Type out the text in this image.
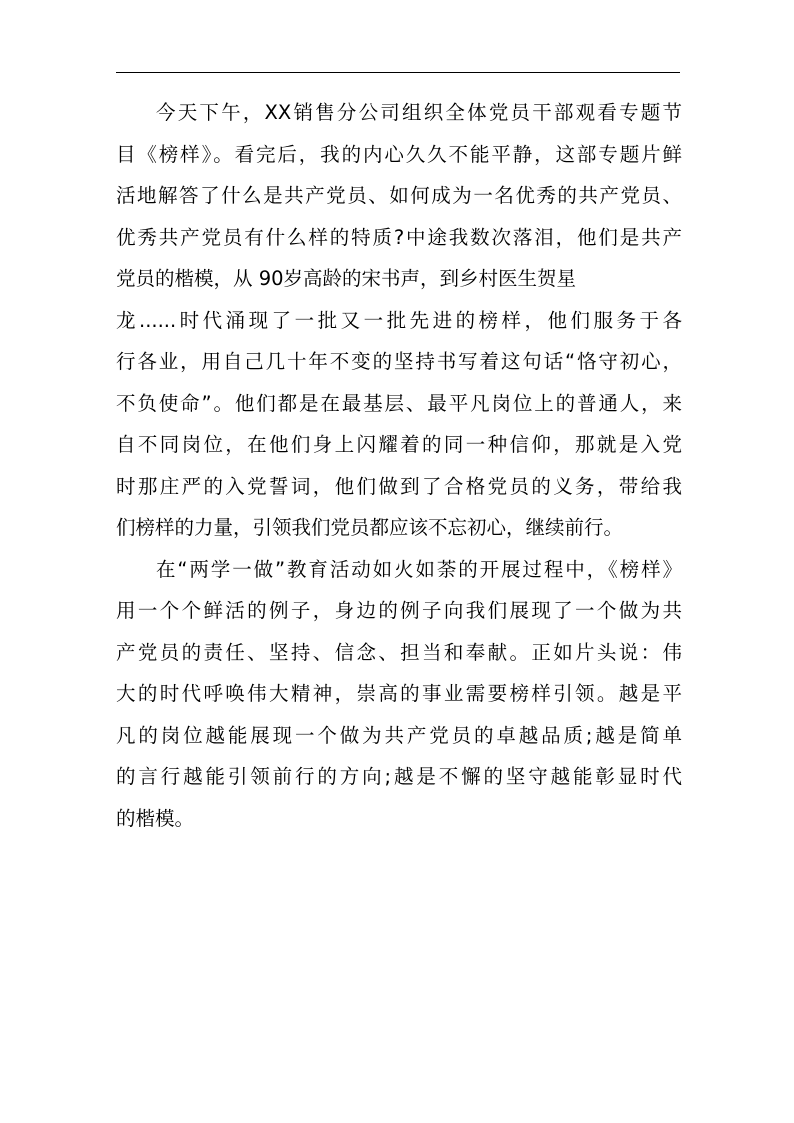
今天下午，XX销售分公司组织全体党员干部观看专题节
目《榜样》。看完后，我的内心久久不能平静，这部专题片鲜
活地解答了什么是共产党员、如何成为一名优秀的共产党员、
优秀共产党员有什么样的特质?中途我数次落泪，他们是共产
党员的楷模，从 90岁高龄的宋书声，到乡村医生贺星
龙......时代涌现了一批又一批先进的榜样，他们服务于各
行各业，用自己几十年不变的坚持书写着这句话“恪守初心，
不负使命”。他们都是在最基层、最平凡岗位上的普通人，来
自不同岗位，在他们身上闪耀着的同一种信仰，那就是入党
时那庄严的入党誓词，他们做到了合格党员的义务，带给我
们榜样的力量，引领我们党员都应该不忘初心，继续前行。
在“两学一做”教育活动如火如荼的开展过程中，《榜样》
用一个个鲜活的例子，身边的例子向我们展现了一个做为共
产党员的责任、坚持、信念、担当和奉献。正如片头说：伟
大的时代呼唤伟大精神，崇高的事业需要榜样引领。越是平
凡的岗位越能展现一个做为共产党员的卓越品质;越是简单
的言行越能引领前行的方向;越是不懈的坚守越能彰显时代
的楷模。
